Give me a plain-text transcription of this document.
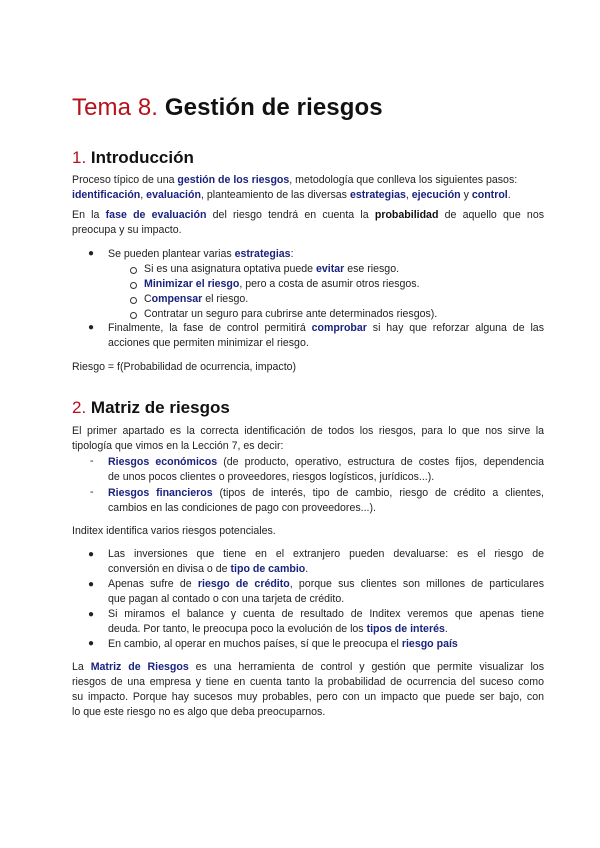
Tema 8. Gestión de riesgos
1. Introducción
Proceso típico de una gestión de los riesgos, metodología que conlleva los siguientes pasos:
identificación, evaluación, planteamiento de las diversas estrategias, ejecución y control.
En la fase de evaluación del riesgo tendrá en cuenta la probabilidad de aquello que nos
preocupa y su impacto.
● Se pueden plantear varias estrategias:
Si es una asignatura optativa puede evitar ese riesgo.
Minimizar el riesgo, pero a costa de asumir otros riesgos.
Compensar el riesgo.
Contratar un seguro para cubrirse ante determinados riesgos).
● Finalmente, la fase de control permitirá comprobar si hay que reforzar alguna de las
acciones que permiten minimizar el riesgo.
Riesgo = f(Probabilidad de ocurrencia, impacto)
2. Matriz de riesgos
El primer apartado es la correcta identificación de todos los riesgos, para lo que nos sirve la
tipología que vimos en la Lección 7, es decir:
- Riesgos económicos (de producto, operativo, estructura de costes fijos, dependencia
de unos pocos clientes o proveedores, riesgos logísticos, jurídicos...).
- Riesgos financieros (tipos de interés, tipo de cambio, riesgo de crédito a clientes,
cambios en las condiciones de pago con proveedores...).
Inditex identifica varios riesgos potenciales.
● Las inversiones que tiene en el extranjero pueden devaluarse: es el riesgo de
conversión en divisa o de tipo de cambio.
● Apenas sufre de riesgo de crédito, porque sus clientes son millones de particulares
que pagan al contado o con una tarjeta de crédito.
● Si miramos el balance y cuenta de resultado de Inditex veremos que apenas tiene
deuda. Por tanto, le preocupa poco la evolución de los tipos de interés.
● En cambio, al operar en muchos países, sí que le preocupa el riesgo país
La Matriz de Riesgos es una herramienta de control y gestión que permite visualizar los
riesgos de una empresa y tiene en cuenta tanto la probabilidad de ocurrencia del suceso como
su impacto. Porque hay sucesos muy probables, pero con un impacto que puede ser bajo, con
lo que este riesgo no es algo que deba preocuparnos.
